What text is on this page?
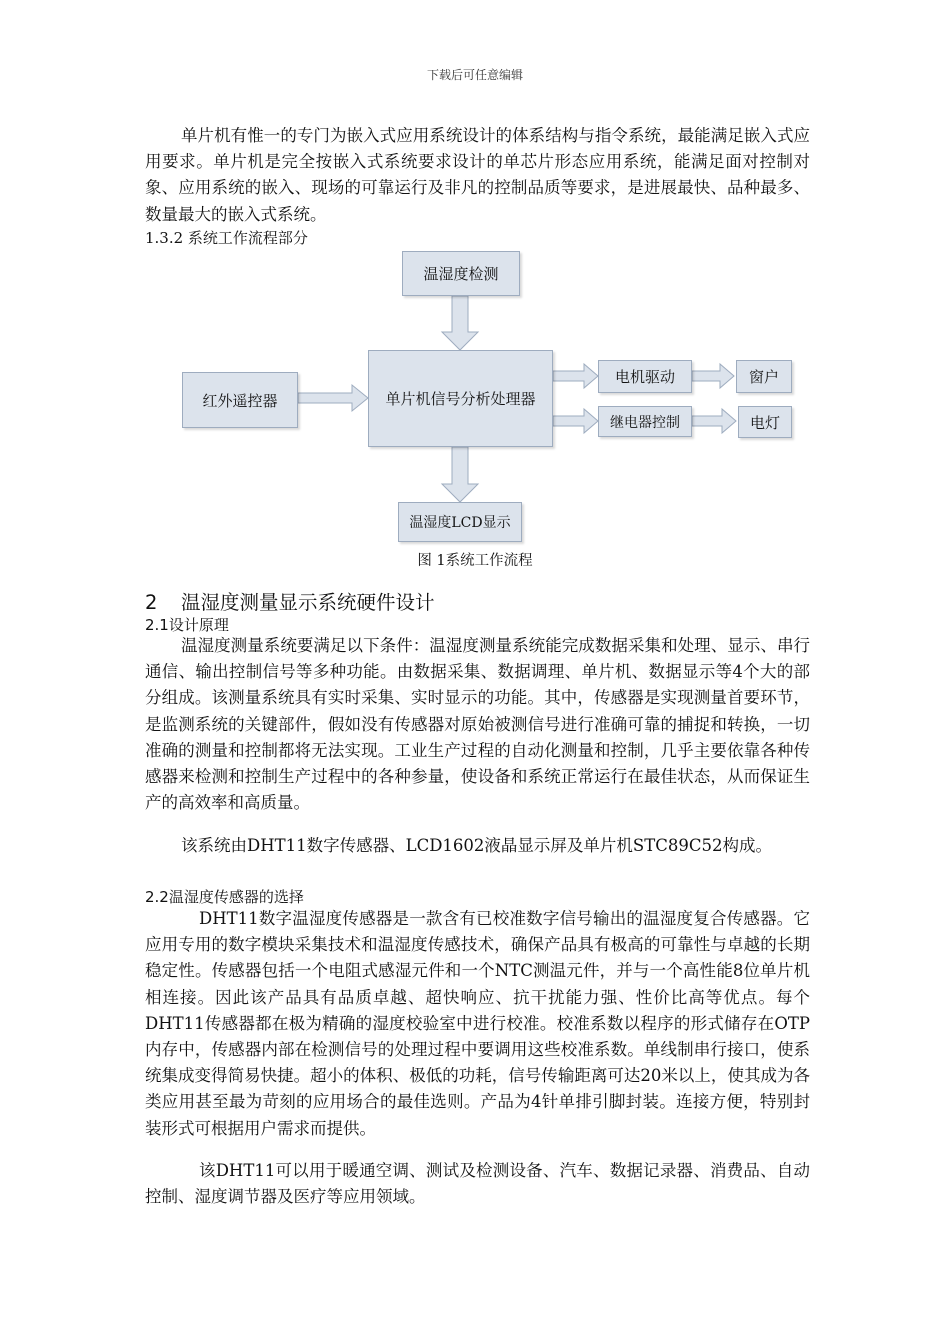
下载后可任意编辑

单片机有惟一的专门为嵌入式应用系统设计的体系结构与指令系统，最能满足嵌入式应用要求。单片机是完全按嵌入式系统要求设计的单芯片形态应用系统，能满足面对控制对象、应用系统的嵌入、现场的可靠运行及非凡的控制品质等要求，是进展最快、品种最多、数量最大的嵌入式系统。

1.3.2 系统工作流程部分
温湿度检测
单片机信号分析处理器
红外遥控器
电机驱动	窗户
继电器控制	电灯
温湿度LCD显示
图 1系统工作流程
2 温湿度测量显示系统硬件设计
2.1设计原理

温湿度测量系统要满足以下条件：温湿度测量系统能完成数据采集和处理、显示、串行通信、输出控制信号等多种功能。由数据采集、数据调理、单片机、数据显示等4个大的部分组成。该测量系统具有实时采集、实时显示的功能。其中，传感器是实现测量首要环节，是监测系统的关键部件，假如没有传感器对原始被测信号进行准确可靠的捕捉和转换，一切准确的测量和控制都将无法实现。工业生产过程的自动化测量和控制，几乎主要依靠各种传感器来检测和控制生产过程中的各种参量，使设备和系统正常运行在最佳状态，从而保证生产的高效率和高质量。

该系统由DHT11数字传感器、LCD1602液晶显示屏及单片机STC89C52构成。

2.2温湿度传感器的选择

DHT11数字温湿度传感器是一款含有已校准数字信号输出的温湿度复合传感器。它应用专用的数字模块采集技术和温湿度传感技术，确保产品具有极高的可靠性与卓越的长期稳定性。传感器包括一个电阻式感湿元件和一个NTC测温元件，并与一个高性能8位单片机相连接。因此该产品具有品质卓越、超快响应、抗干扰能力强、性价比高等优点。每个DHT11传感器都在极为精确的湿度校验室中进行校准。校准系数以程序的形式储存在OTP内存中，传感器内部在检测信号的处理过程中要调用这些校准系数。单线制串行接口，使系统集成变得简易快捷。超小的体积、极低的功耗，信号传输距离可达20米以上，使其成为各类应用甚至最为苛刻的应用场合的最佳选则。产品为4针单排引脚封装。连接方便，特别封装形式可根据用户需求而提供。

该DHT11可以用于暖通空调、测试及检测设备、汽车、数据记录器、消费品、自动控制、湿度调节器及医疗等应用领域。
